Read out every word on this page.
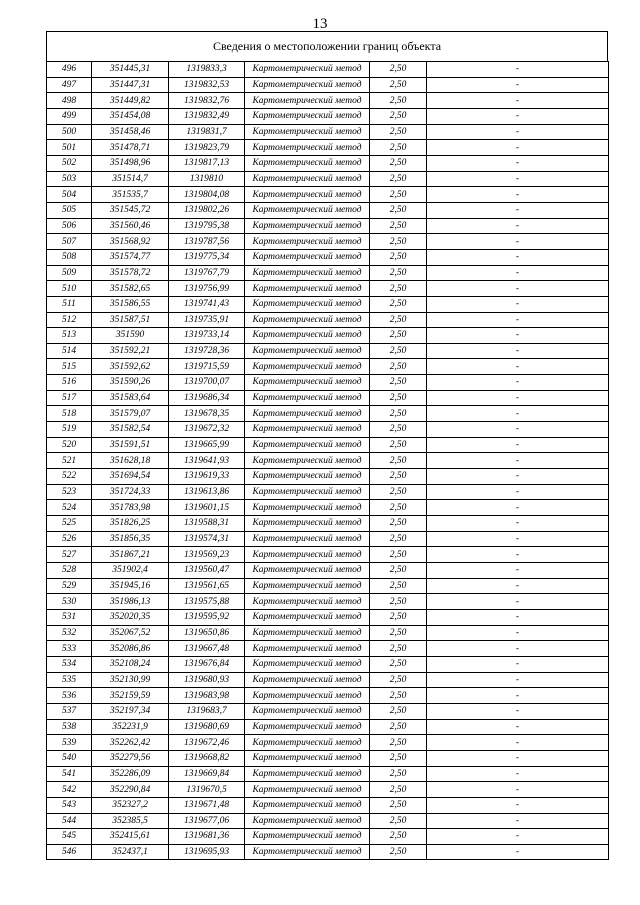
13
Сведения о местоположении границ объекта
496	351445,31	1319833,3	Картометрический метод	2,50	-
497	351447,31	1319832,53	Картометрический метод	2,50	-
498	351449,82	1319832,76	Картометрический метод	2,50	-
499	351454,08	1319832,49	Картометрический метод	2,50	-
500	351458,46	1319831,7	Картометрический метод	2,50	-
501	351478,71	1319823,79	Картометрический метод	2,50	-
502	351498,96	1319817,13	Картометрический метод	2,50	-
503	351514,7	1319810	Картометрический метод	2,50	-
504	351535,7	1319804,08	Картометрический метод	2,50	-
505	351545,72	1319802,26	Картометрический метод	2,50	-
506	351560,46	1319795,38	Картометрический метод	2,50	-
507	351568,92	1319787,56	Картометрический метод	2,50	-
508	351574,77	1319775,34	Картометрический метод	2,50	-
509	351578,72	1319767,79	Картометрический метод	2,50	-
510	351582,65	1319756,99	Картометрический метод	2,50	-
511	351586,55	1319741,43	Картометрический метод	2,50	-
512	351587,51	1319735,91	Картометрический метод	2,50	-
513	351590	1319733,14	Картометрический метод	2,50	-
514	351592,21	1319728,36	Картометрический метод	2,50	-
515	351592,62	1319715,59	Картометрический метод	2,50	-
516	351590,26	1319700,07	Картометрический метод	2,50	-
517	351583,64	1319686,34	Картометрический метод	2,50	-
518	351579,07	1319678,35	Картометрический метод	2,50	-
519	351582,54	1319672,32	Картометрический метод	2,50	-
520	351591,51	1319665,99	Картометрический метод	2,50	-
521	351628,18	1319641,93	Картометрический метод	2,50	-
522	351694,54	1319619,33	Картометрический метод	2,50	-
523	351724,33	1319613,86	Картометрический метод	2,50	-
524	351783,98	1319601,15	Картометрический метод	2,50	-
525	351826,25	1319588,31	Картометрический метод	2,50	-
526	351856,35	1319574,31	Картометрический метод	2,50	-
527	351867,21	1319569,23	Картометрический метод	2,50	-
528	351902,4	1319560,47	Картометрический метод	2,50	-
529	351945,16	1319561,65	Картометрический метод	2,50	-
530	351986,13	1319575,88	Картометрический метод	2,50	-
531	352020,35	1319595,92	Картометрический метод	2,50	-
532	352067,52	1319650,86	Картометрический метод	2,50	-
533	352086,86	1319667,48	Картометрический метод	2,50	-
534	352108,24	1319676,84	Картометрический метод	2,50	-
535	352130,99	1319680,93	Картометрический метод	2,50	-
536	352159,59	1319683,98	Картометрический метод	2,50	-
537	352197,34	1319683,7	Картометрический метод	2,50	-
538	352231,9	1319680,69	Картометрический метод	2,50	-
539	352262,42	1319672,46	Картометрический метод	2,50	-
540	352279,56	1319668,82	Картометрический метод	2,50	-
541	352286,09	1319669,84	Картометрический метод	2,50	-
542	352290,84	1319670,5	Картометрический метод	2,50	-
543	352327,2	1319671,48	Картометрический метод	2,50	-
544	352385,5	1319677,06	Картометрический метод	2,50	-
545	352415,61	1319681,36	Картометрический метод	2,50	-
546	352437,1	1319695,93	Картометрический метод	2,50	-
